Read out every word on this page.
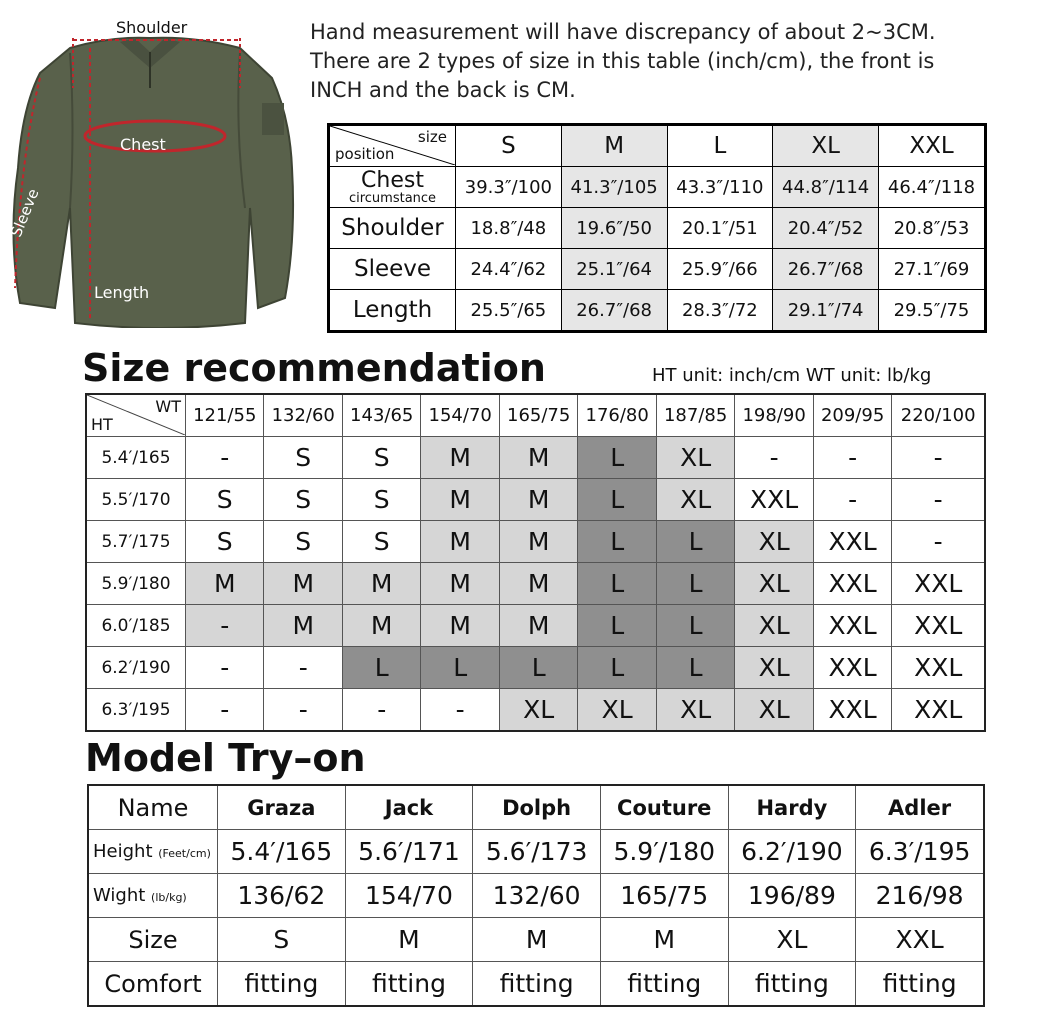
Shoulder
Chest
Sleeve
Length
Hand measurement will have discrepancy of about 2~3CM.
There are 2 types of size in this table (inch/cm), the front is
INCH and the back is CM.
size
position	S	M	L	XL	XXL

Chest
circumstance	39.3″/100	41.3″/105	43.3″/110	44.8″/114	46.4″/118
Shoulder	18.8″/48	19.6″/50	20.1″/51	20.4″/52	20.8″/53
Sleeve	24.4″/62	25.1″/64	25.9″/66	26.7″/68	27.1″/69
Length	25.5″/65	26.7″/68	28.3″/72	29.1″/74	29.5″/75
Size recommendation	HT unit: inch/cm WT unit: lb/kg
WT
HT	121/55	132/60	143/65	154/70	165/75	176/80	187/85	198/90	209/95	220/100
5.4′/165	-	S	S	M	M	L	XL	-	-	-
5.5′/170	S	S	S	M	M	L	XL	XXL	-	-
5.7′/175	S	S	S	M	M	L	L	XL	XXL	-
5.9′/180	M	M	M	M	M	L	L	XL	XXL	XXL
6.0′/185	-	M	M	M	M	L	L	XL	XXL	XXL
6.2′/190	-	-	L	L	L	L	L	XL	XXL	XXL
6.3′/195	-	-	-	-	XL	XL	XL	XL	XXL	XXL
Model Try–on
Name	Graza	Jack	Dolph	Couture	Hardy	Adler
Height (Feet/cm)	5.4′/165	5.6′/171	5.6′/173	5.9′/180	6.2′/190	6.3′/195
Wight (lb/kg)	136/62	154/70	132/60	165/75	196/89	216/98
Size	S	M	M	M	XL	XXL
Comfort	fitting	fitting	fitting	fitting	fitting	fitting
